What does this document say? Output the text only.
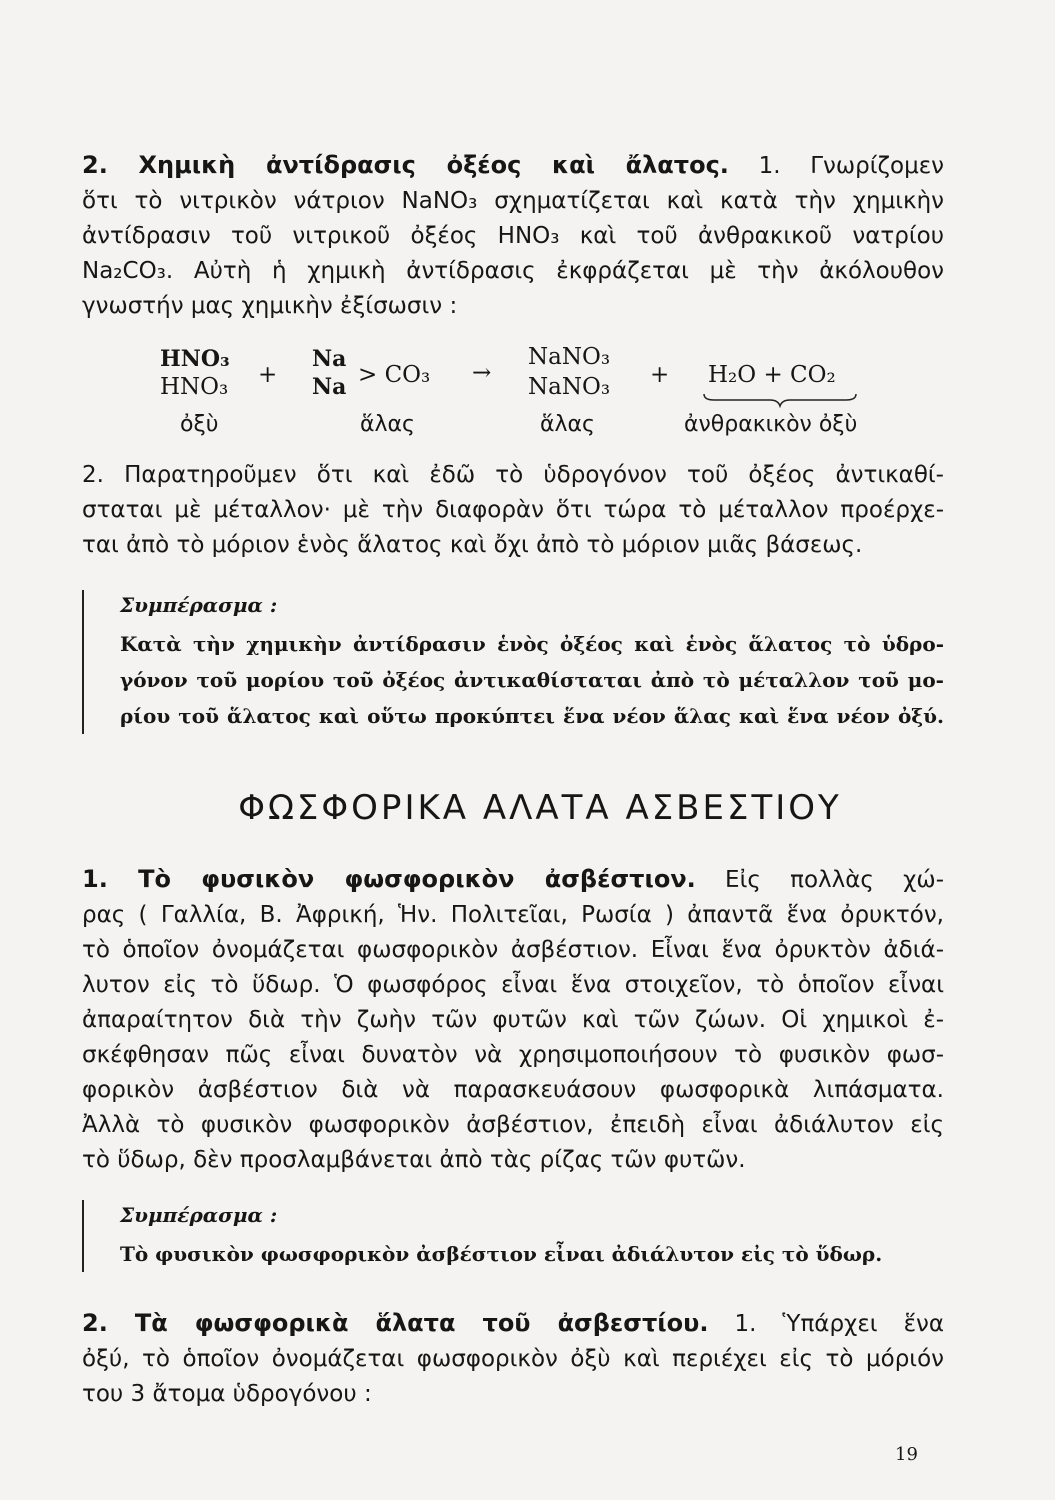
2. Χημικὴ ἀντίδρασις ὀξέος καὶ ἄλατος. 1. Γνωρίζομεν
ὅτι τὸ νιτρικὸν νάτριον NaNO₃ σχηματίζεται καὶ κατὰ τὴν χημικὴν
ἀντίδρασιν τοῦ νιτρικοῦ ὀξέος HNO₃ καὶ τοῦ ἀνθρακικοῦ νατρίου
Na₂CO₃. Αὐτὴ ἡ χημικὴ ἀντίδρασις ἐκφράζεται μὲ τὴν ἀκόλουθον
γνωστήν μας χημικὴν ἐξίσωσιν :
HNO₃
HNO₃ +
Na
Na > CO₃ →
NaNO₃
NaNO₃ + H₂O + CO₂
ὀξὺ	ἅλας	ἅλας	ἀνθρακικὸν ὀξὺ
2. Παρατηροῦμεν ὅτι καὶ ἐδῶ τὸ ὑδρογόνον τοῦ ὀξέος ἀντικαθί-
σταται μὲ μέταλλον· μὲ τὴν διαφορὰν ὅτι τώρα τὸ μέταλλον προέρχε-
ται ἀπὸ τὸ μόριον ἑνὸς ἅλατος καὶ ὄχι ἀπὸ τὸ μόριον μιᾶς βάσεως.
Συμπέρασμα :
Κατὰ τὴν χημικὴν ἀντίδρασιν ἑνὸς ὀξέος καὶ ἑνὸς ἅλατος τὸ ὑδρο-
γόνον τοῦ μορίου τοῦ ὀξέος ἀντικαθίσταται ἀπὸ τὸ μέταλλον τοῦ μο-
ρίου τοῦ ἅλατος καὶ οὕτω προκύπτει ἕνα νέον ἅλας καὶ ἕνα νέον ὀξύ.
ΦΩΣΦΟΡΙΚΑ ΑΛΑΤΑ ΑΣΒΕΣΤΙΟΥ
1. Τὸ φυσικὸν φωσφορικὸν ἀσβέστιον. Εἰς πολλὰς χώ-
ρας ( Γαλλία, Β. Ἀφρική, Ἡν. Πολιτεῖαι, Ρωσία ) ἀπαντᾶ ἕνα ὀρυκτόν,
τὸ ὁποῖον ὀνομάζεται φωσφορικὸν ἀσβέστιον. Εἶναι ἕνα ὀρυκτὸν ἀδιά-
λυτον εἰς τὸ ὕδωρ. Ὁ φωσφόρος εἶναι ἕνα στοιχεῖον, τὸ ὁποῖον εἶναι
ἀπαραίτητον διὰ τὴν ζωὴν τῶν φυτῶν καὶ τῶν ζώων. Οἱ χημικοὶ ἐ-
σκέφθησαν πῶς εἶναι δυνατὸν νὰ χρησιμοποιήσουν τὸ φυσικὸν φωσ-
φορικὸν ἀσβέστιον διὰ νὰ παρασκευάσουν φωσφορικὰ λιπάσματα.
Ἀλλὰ τὸ φυσικὸν φωσφορικὸν ἀσβέστιον, ἐπειδὴ εἶναι ἀδιάλυτον εἰς
τὸ ὕδωρ, δὲν προσλαμβάνεται ἀπὸ τὰς ρίζας τῶν φυτῶν.
Συμπέρασμα :
Τὸ φυσικὸν φωσφορικὸν ἀσβέστιον εἶναι ἀδιάλυτον εἰς τὸ ὕδωρ.
2. Τὰ φωσφορικὰ ἅλατα τοῦ ἀσβεστίου. 1. Ὑπάρχει ἕνα
ὀξύ, τὸ ὁποῖον ὀνομάζεται φωσφορικὸν ὀξὺ καὶ περιέχει εἰς τὸ μόριόν
του 3 ἄτομα ὑδρογόνου :
19
